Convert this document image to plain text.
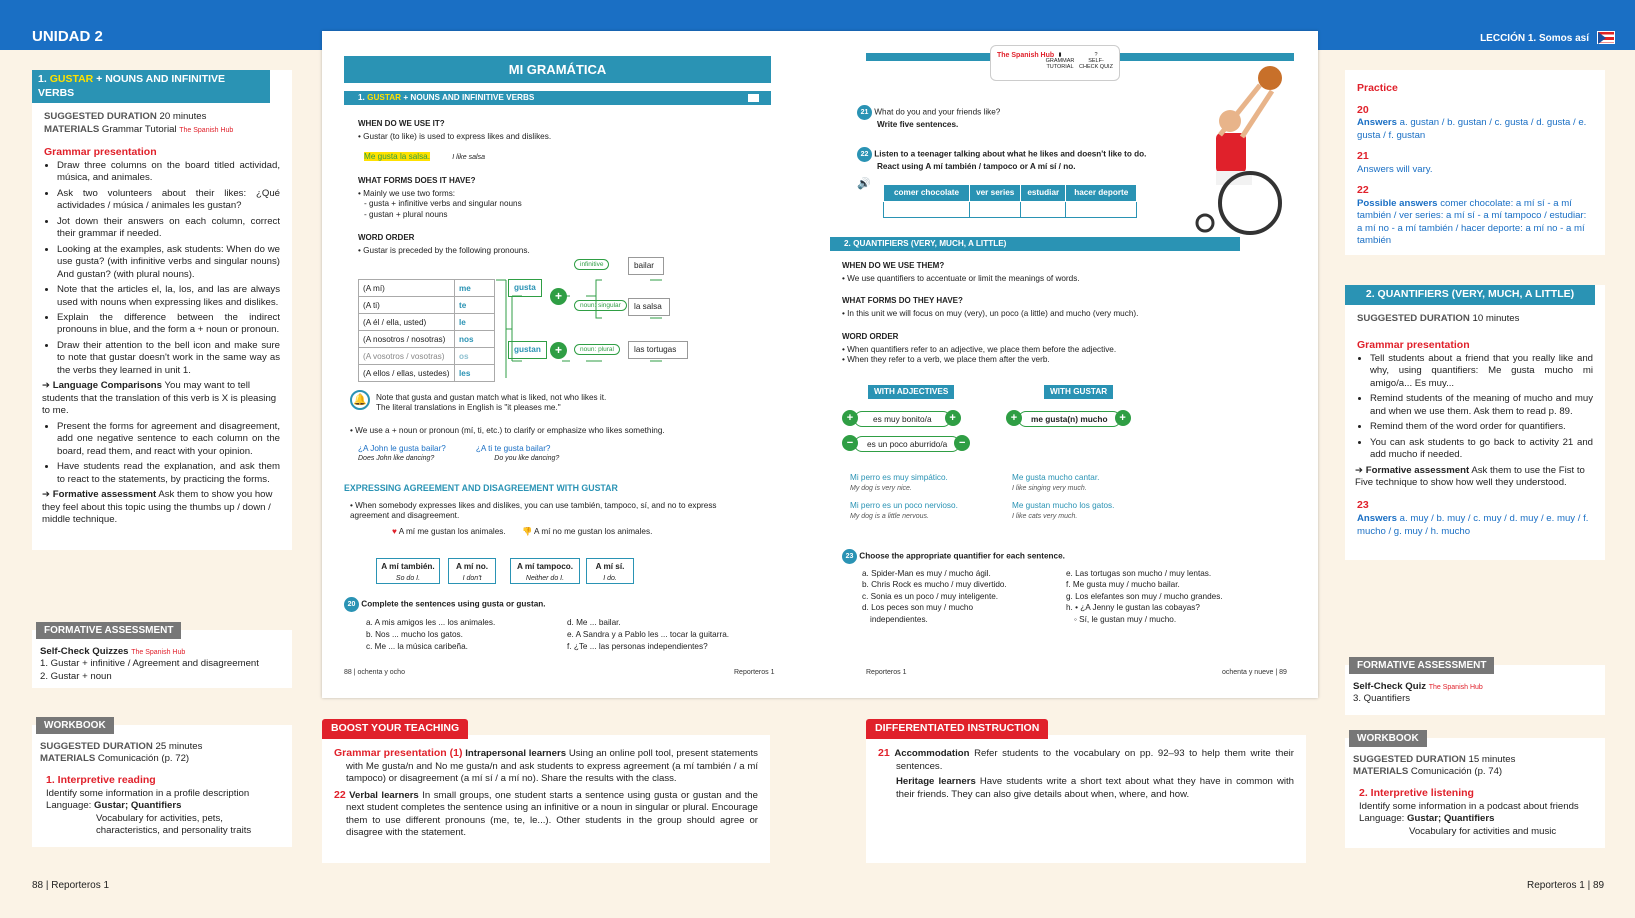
UNIDAD 2	LECCIÓN 1. Somos así
1. GUSTAR + NOUNS AND INFINITIVE VERBS
SUGGESTED DURATION 20 minutes
MATERIALS Grammar Tutorial The Spanish Hub
Grammar presentation
• Draw three columns on the board titled actividad, música, and animales.
• Ask two volunteers about their likes: ¿Qué actividades / música / animales les gustan?
• Jot down their answers on each column, correct their grammar if needed.
• Looking at the examples, ask students: When do we use gusta? (with infinitive verbs and singular nouns) And gustan? (with plural nouns).
• Note that the articles el, la, los, and las are always used with nouns when expressing likes and dislikes.
• Explain the difference between the indirect pronouns in blue, and the form a + noun or pronoun.
• Draw their attention to the bell icon and make sure to note that gustar doesn't work in the same way as the verbs they learned in unit 1.
➔ Language Comparisons You may want to tell students that the translation of this verb is X is pleasing to me.
• Present the forms for agreement and disagreement, add one negative sentence to each column on the board, read them, and react with your opinion.
• Have students read the explanation, and ask them to react to the statements, by practicing the forms.
➔ Formative assessment Ask them to show you how they feel about this topic using the thumbs up / down / middle technique.
FORMATIVE ASSESSMENT
Self-Check Quizzes The Spanish Hub
1. Gustar + infinitive / Agreement and disagreement
2. Gustar + noun
WORKBOOK
SUGGESTED DURATION 25 minutes
MATERIALS Comunicación (p. 72)
1. Interpretive reading
Identify some information in a profile description
Language: Gustar; Quantifiers
Vocabulary for activities, pets,
characteristics, and personality traits
88 | Reporteros 1
MI GRAMÁTICA
1. GUSTAR + NOUNS AND INFINITIVE VERBS
WHEN DO WE USE IT?
• Gustar (to like) is used to express likes and dislikes.
Me gusta la salsa.	I like salsa
WHAT FORMS DOES IT HAVE?
• Mainly we use two forms:
- gusta + infinitive verbs and singular nouns
- gustan + plural nouns
WORD ORDER
• Gustar is preceded by the following pronouns.
(A mí)	me
(A ti)	te
(A él / ella, usted)	le
(A nosotros / nosotras)	nos
(A vosotros / vosotras)	os
(A ellos / ellas, ustedes)	les
gusta
+
infinitive
noun: singular
bailar
la salsa
gustan	+	noun: plural	las tortugas
🔔	Note that gusta and gustan match what is liked, not who likes it.
The literal translations in English is "it pleases me."
• We use a + noun or pronoun (mí, ti, etc.) to clarify or emphasize who likes something.
¿A John le gusta bailar?	¿A ti te gusta bailar?
Does John like dancing?	Do you like dancing?
EXPRESSING AGREEMENT AND DISAGREEMENT WITH GUSTAR
• When somebody expresses likes and dislikes, you can use también, tampoco, sí, and no to express agreement and disagreement.
♥ A mí me gustan los animales. 👎 A mí no me gustan los animales.
A mí también.
So do I.
A mí no.
I don't
A mí tampoco.
Neither do I.
A mí sí.
I do.
20 Complete the sentences using gusta or gustan.
a. A mis amigos les ... los animales.
b. Nos ... mucho los gatos.
c. Me ... la música caribeña.
d. Me ... bailar.
e. A Sandra y a Pablo les ... tocar la guitarra.
f. ¿Te ... las personas independientes?
88 | ochenta y ocho	Reporteros 1
The Spanish Hub ▮
GRAMMAR TUTORIAL
?
SELF-CHECK QUIZ
21 What do you and your friends like?
Write five sentences.
22 Listen to a teenager talking about what he likes and doesn't like to do.
React using A mí también / tampoco or A mí sí / no.
🔊
comer chocolate	ver series	estudiar	hacer deporte

2. QUANTIFIERS (VERY, MUCH, A LITTLE)
WHEN DO WE USE THEM?
• We use quantifiers to accentuate or limit the meanings of words.
WHAT FORMS DO THEY HAVE?
• In this unit we will focus on muy (very), un poco (a little) and mucho (very much).
WORD ORDER
• When quantifiers refer to an adjective, we place them before the adjective.
• When they refer to a verb, we place them after the verb.
WITH ADJECTIVES	WITH GUSTAR
+ es muy bonito/a +
− es un poco aburrido/a −
+ me gusta(n) mucho +
Mi perro es muy simpático.
My dog is very nice.
Mi perro es un poco nervioso.
My dog is a little nervous.
Me gusta mucho cantar.
I like singing very much.
Me gustan mucho los gatos.
I like cats very much.
23 Choose the appropriate quantifier for each sentence.
a. Spider-Man es muy / mucho ágil.
b. Chris Rock es mucho / muy divertido.
c. Sonia es un poco / muy inteligente.
d. Los peces son muy / mucho
independientes.
e. Las tortugas son mucho / muy lentas.
f. Me gusta muy / mucho bailar.
g. Los elefantes son muy / mucho grandes.
h. • ¿A Jenny le gustan las cobayas?
◦ Sí, le gustan muy / mucho.
Reporteros 1	ochenta y nueve | 89
Practice
20
Answers a. gustan / b. gustan / c. gusta / d. gusta / e. gusta / f. gustan
21
Answers will vary.
22
Possible answers comer chocolate: a mí sí - a mí también / ver series: a mí sí - a mí tampoco / estudiar: a mí no - a mí también / hacer deporte: a mí no - a mí también
2. QUANTIFIERS (VERY, MUCH, A LITTLE)
SUGGESTED DURATION 10 minutes
Grammar presentation
• Tell students about a friend that you really like and why, using quantifiers: Me gusta mucho mi amigo/a... Es muy...
• Remind students of the meaning of mucho and muy and when we use them. Ask them to read p. 89.
• Remind them of the word order for quantifiers.
• You can ask students to go back to activity 21 and add mucho if needed.
➔ Formative assessment Ask them to use the Fist to Five technique to show how well they understood.
23
Answers a. muy / b. muy / c. muy / d. muy / e. muy / f. mucho / g. muy / h. mucho
FORMATIVE ASSESSMENT
Self-Check Quiz The Spanish Hub
3. Quantifiers
WORKBOOK
SUGGESTED DURATION 15 minutes
MATERIALS Comunicación (p. 74)
2. Interpretive listening
Identify some information in a podcast about friends
Language: Gustar; Quantifiers
Vocabulary for activities and music
Reporteros 1 | 89
BOOST YOUR TEACHING
Grammar presentation (1) Intrapersonal learners Using an online poll tool, present statements with Me gusta/n and No me gusta/n and ask students to express agreement (a mí también / a mí tampoco) or disagreement (a mí sí / a mí no). Share the results with the class.
22 Verbal learners In small groups, one student starts a sentence using gusta or gustan and the next student completes the sentence using an infinitive or a noun in singular or plural. Encourage them to use different pronouns (me, te, le...). Other students in the group should agree or disagree with the statement.
DIFFERENTIATED INSTRUCTION
21 Accommodation Refer students to the vocabulary on pp. 92–93 to help them write their sentences.
Heritage learners Have students write a short text about what they have in common with their friends. They can also give details about when, where, and how.
